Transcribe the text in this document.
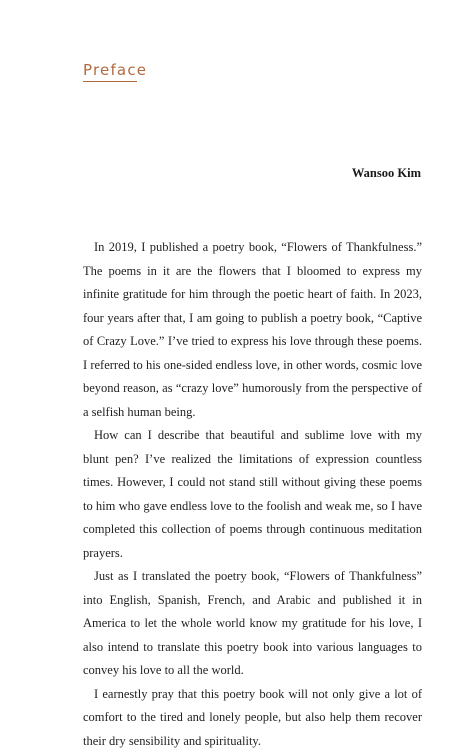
Preface

Wansoo Kim

In 2019, I published a poetry book, “Flowers of Thankfulness.” The poems in it are the flowers that I bloomed to express my infinite gratitude for him through the poetic heart of faith. In 2023, four years after that, I am going to publish a poetry book, “Captive of Crazy Love.” I’ve tried to express his love through these poems. I referred to his one-sided endless love, in other words, cosmic love beyond reason, as “crazy love” humorously from the perspective of a selfish human being.

How can I describe that beautiful and sublime love with my blunt pen? I’ve realized the limitations of expression countless times. However, I could not stand still without giving these poems to him who gave endless love to the foolish and weak me, so I have completed this collection of poems through continuous meditation prayers.

Just as I translated the poetry book, “Flowers of Thankfulness” into English, Spanish, French, and Arabic and published it in America to let the whole world know my gratitude for his love, I also intend to translate this poetry book into various languages to convey his love to all the world.

I earnestly pray that this poetry book will not only give a lot of comfort to the tired and lonely people, but also help them recover their dry sensibility and spirituality.
